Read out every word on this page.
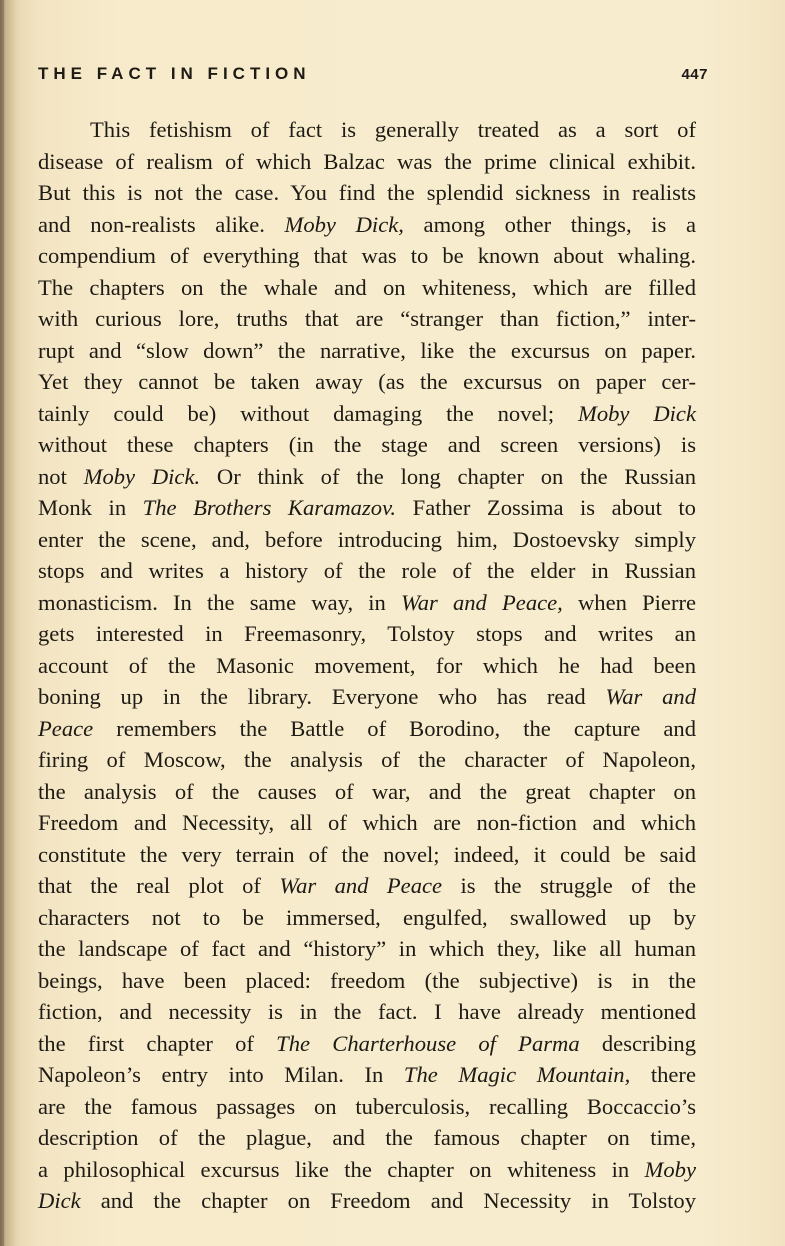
THE FACT IN FICTION	447
This fetishism of fact is generally treated as a sort of
disease of realism of which Balzac was the prime clinical exhibit.
But this is not the case. You find the splendid sickness in realists
and non-realists alike. Moby Dick, among other things, is a
compendium of everything that was to be known about whaling.
The chapters on the whale and on whiteness, which are filled
with curious lore, truths that are “stranger than fiction,” inter-
rupt and “slow down” the narrative, like the excursus on paper.
Yet they cannot be taken away (as the excursus on paper cer-
tainly could be) without damaging the novel; Moby Dick
without these chapters (in the stage and screen versions) is
not Moby Dick. Or think of the long chapter on the Russian
Monk in The Brothers Karamazov. Father Zossima is about to
enter the scene, and, before introducing him, Dostoevsky simply
stops and writes a history of the role of the elder in Russian
monasticism. In the same way, in War and Peace, when Pierre
gets interested in Freemasonry, Tolstoy stops and writes an
account of the Masonic movement, for which he had been
boning up in the library. Everyone who has read War and
Peace remembers the Battle of Borodino, the capture and
firing of Moscow, the analysis of the character of Napoleon,
the analysis of the causes of war, and the great chapter on
Freedom and Necessity, all of which are non-fiction and which
constitute the very terrain of the novel; indeed, it could be said
that the real plot of War and Peace is the struggle of the
characters not to be immersed, engulfed, swallowed up by
the landscape of fact and “history” in which they, like all human
beings, have been placed: freedom (the subjective) is in the
fiction, and necessity is in the fact. I have already mentioned
the first chapter of The Charterhouse of Parma describing
Napoleon’s entry into Milan. In The Magic Mountain, there
are the famous passages on tuberculosis, recalling Boccaccio’s
description of the plague, and the famous chapter on time,
a philosophical excursus like the chapter on whiteness in Moby
Dick and the chapter on Freedom and Necessity in Tolstoy
